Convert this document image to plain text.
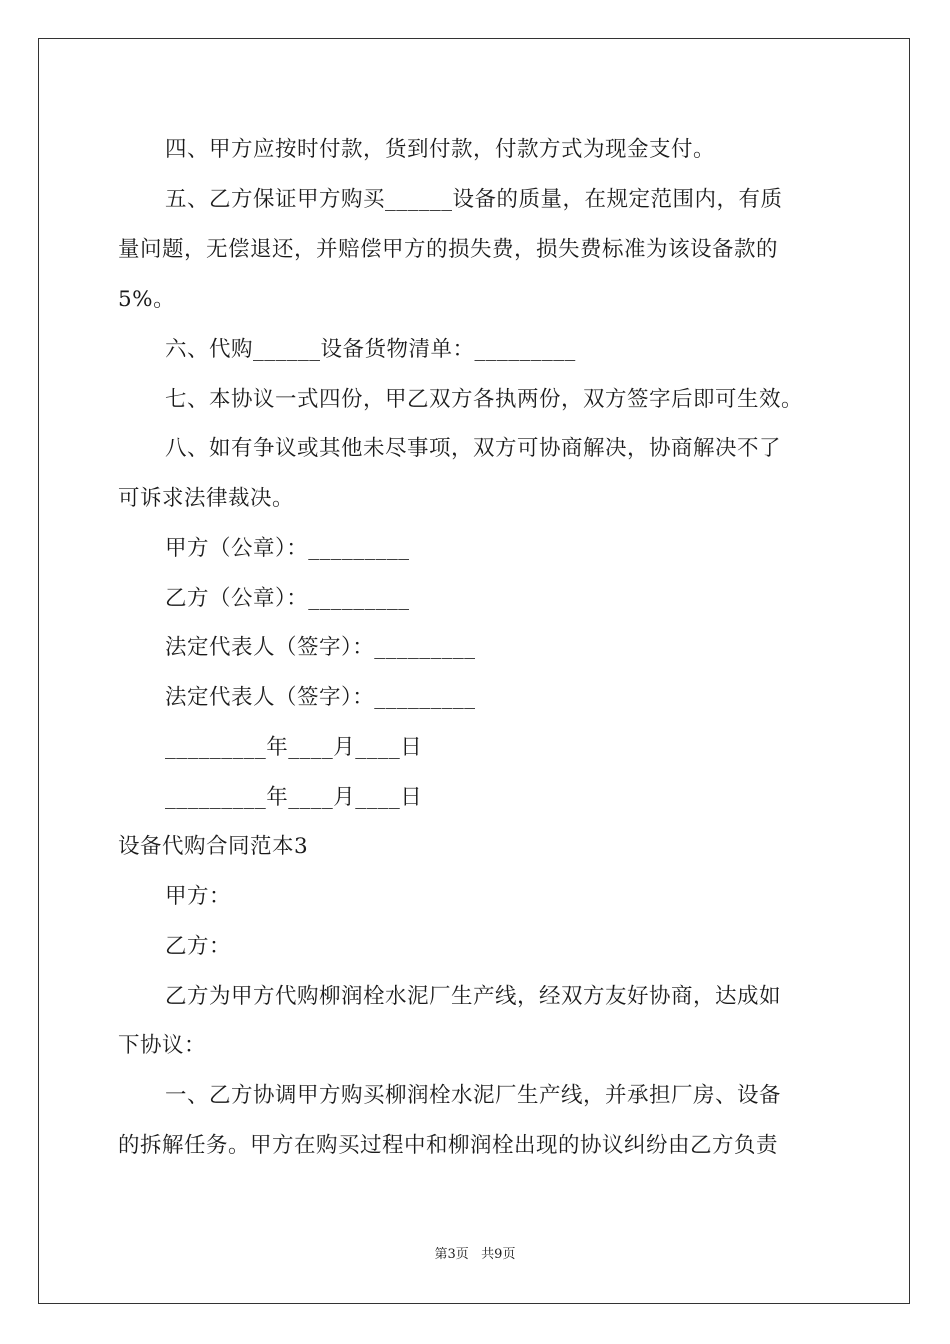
四、甲方应按时付款，货到付款，付款方式为现金支付。
五、乙方保证甲方购买______设备的质量，在规定范围内，有质
量问题，无偿退还，并赔偿甲方的损失费，损失费标准为该设备款的
5%。
六、代购______设备货物清单：_________
七、本协议一式四份，甲乙双方各执两份，双方签字后即可生效。
八、如有争议或其他未尽事项，双方可协商解决，协商解决不了
可诉求法律裁决。
甲方（公章）：_________
乙方（公章）：_________
法定代表人（签字）：_________
法定代表人（签字）：_________
_________年____月____日
_________年____月____日
设备代购合同范本3
甲方：
乙方：
乙方为甲方代购柳润栓水泥厂生产线，经双方友好协商，达成如
下协议：
一、乙方协调甲方购买柳润栓水泥厂生产线，并承担厂房、设备
的拆解任务。甲方在购买过程中和柳润栓出现的协议纠纷由乙方负责
第3页   共9页
